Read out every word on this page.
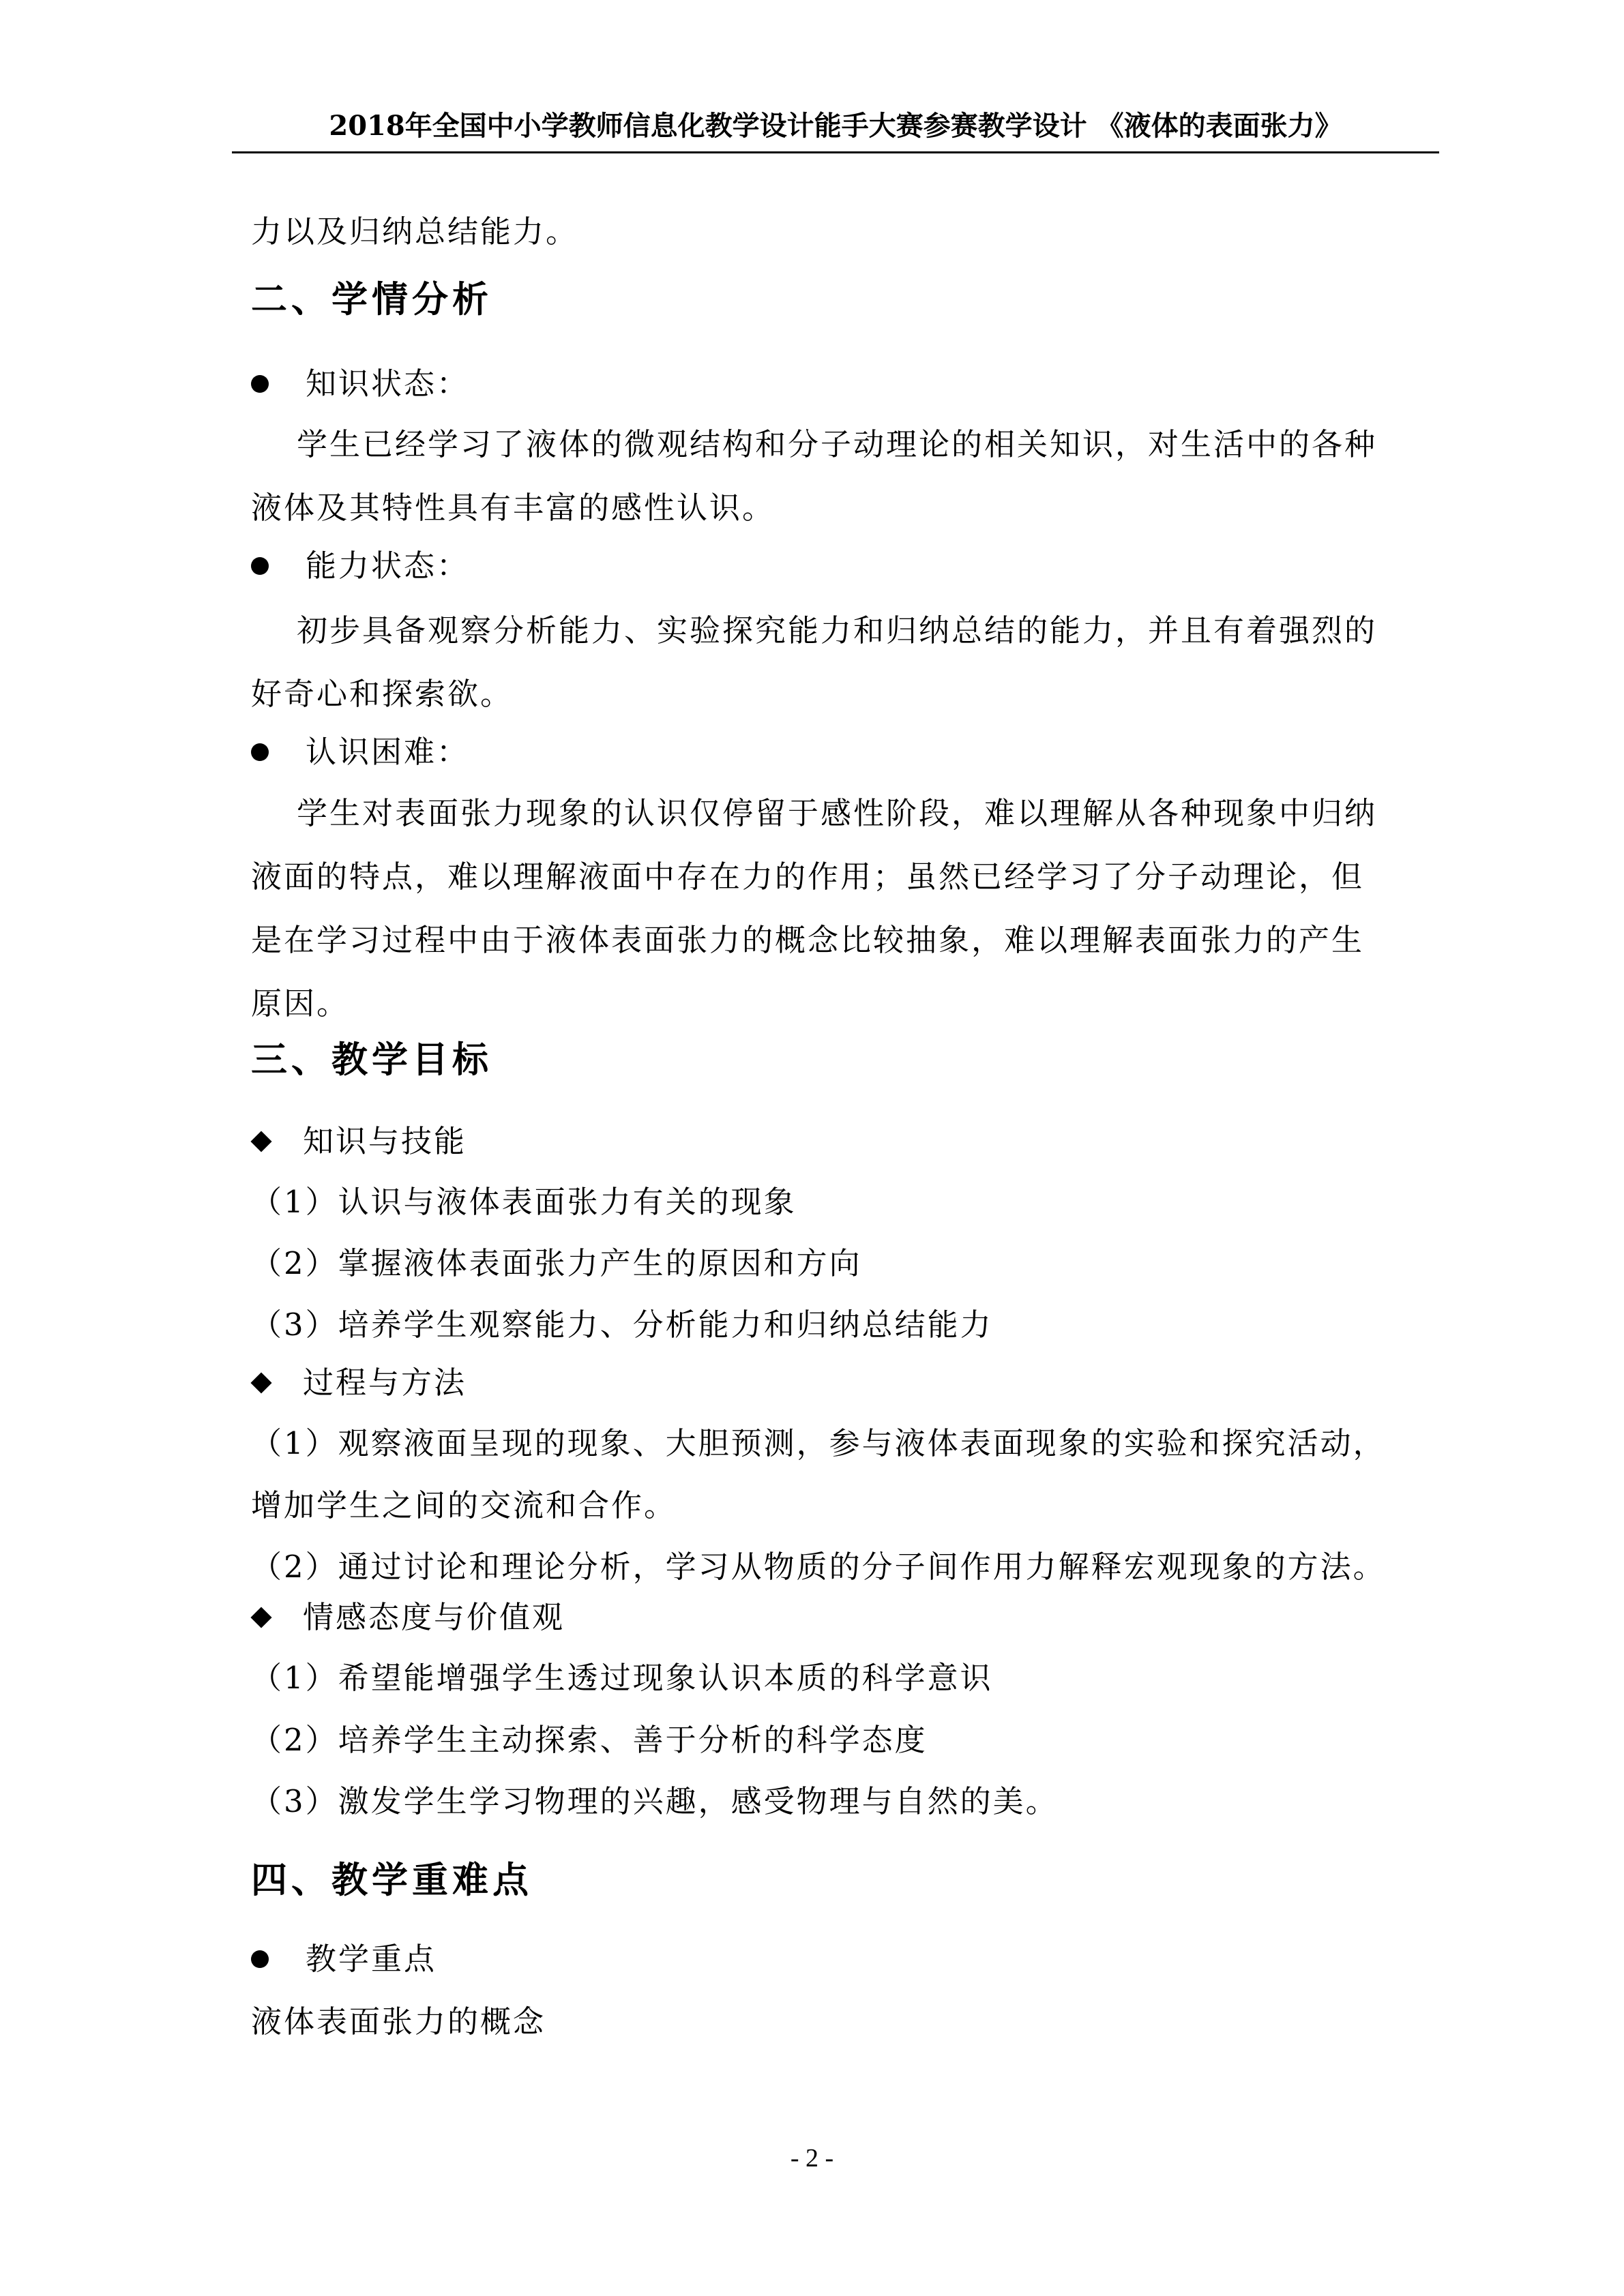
2018年全国中小学教师信息化教学设计能手大赛参赛教学设计 《液体的表面张力》
力以及归纳总结能力。
二、学情分析
知识状态：
学生已经学习了液体的微观结构和分子动理论的相关知识，对生活中的各种
液体及其特性具有丰富的感性认识。
能力状态：
初步具备观察分析能力、实验探究能力和归纳总结的能力，并且有着强烈的
好奇心和探索欲。
认识困难：
学生对表面张力现象的认识仅停留于感性阶段，难以理解从各种现象中归纳
液面的特点，难以理解液面中存在力的作用；虽然已经学习了分子动理论，但
是在学习过程中由于液体表面张力的概念比较抽象，难以理解表面张力的产生
原因。
三、教学目标
知识与技能
（1）认识与液体表面张力有关的现象
（2）掌握液体表面张力产生的原因和方向
（3）培养学生观察能力、分析能力和归纳总结能力
过程与方法
（1）观察液面呈现的现象、大胆预测，参与液体表面现象的实验和探究活动，
增加学生之间的交流和合作。
（2）通过讨论和理论分析，学习从物质的分子间作用力解释宏观现象的方法。
情感态度与价值观
（1）希望能增强学生透过现象认识本质的科学意识
（2）培养学生主动探索、善于分析的科学态度
（3）激发学生学习物理的兴趣，感受物理与自然的美。
四、教学重难点
教学重点
液体表面张力的概念
- 2 -
